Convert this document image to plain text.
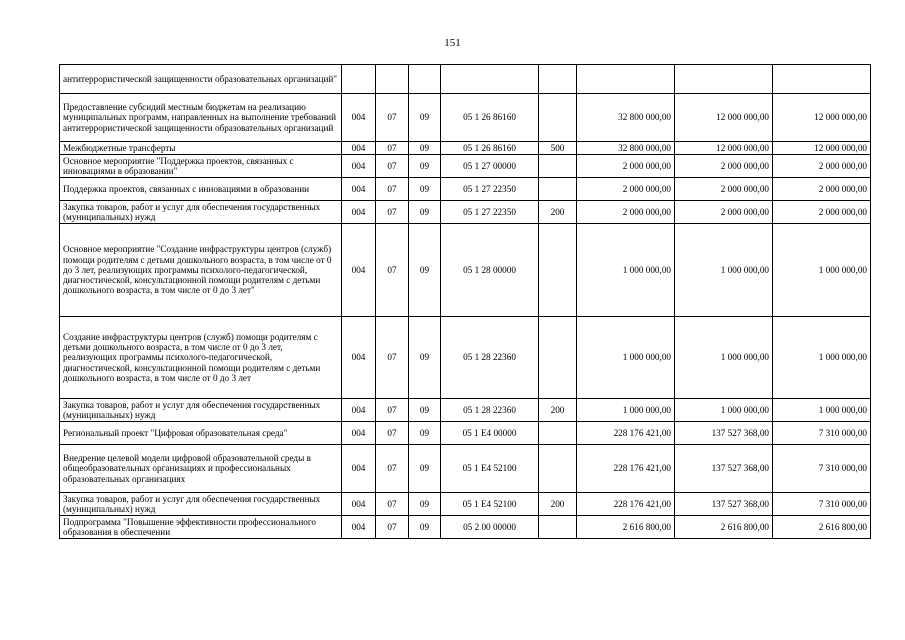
151
антитеррористической защищенности образовательных организаций"								
Предоставление субсидий местным бюджетам на реализацию муниципальных программ, направленных на выполнение требований антитеррористической защищенности образовательных организаций	004	07	09	05 1 26 86160		32 800 000,00	12 000 000,00	12 000 000,00
Межбюджетные трансферты	004	07	09	05 1 26 86160	500	32 800 000,00	12 000 000,00	12 000 000,00
Основное мероприятие "Поддержка проектов, связанных с инновациями в образовании"	004	07	09	05 1 27 00000		2 000 000,00	2 000 000,00	2 000 000,00
Поддержка проектов, связанных с инновациями в образовании	004	07	09	05 1 27 22350		2 000 000,00	2 000 000,00	2 000 000,00
Закупка товаров, работ и услуг для обеспечения государственных (муниципальных) нужд	004	07	09	05 1 27 22350	200	2 000 000,00	2 000 000,00	2 000 000,00
Основное мероприятие "Создание инфраструктуры центров (служб) помощи родителям с детьми дошкольного возраста, в том числе от 0 до 3 лет, реализующих программы психолого-педагогической, диагностической, консультационной помощи родителям с детьми дошкольного возраста, в том числе от 0 до 3 лет"	004	07	09	05 1 28 00000		1 000 000,00	1 000 000,00	1 000 000,00
Создание инфраструктуры центров (служб) помощи родителям с детьми дошкольного возраста, в том числе от 0 до 3 лет, реализующих программы психолого-педагогической, диагностической, консультационной помощи родителям с детьми дошкольного возраста, в том числе от 0 до 3 лет	004	07	09	05 1 28 22360		1 000 000,00	1 000 000,00	1 000 000,00
Закупка товаров, работ и услуг для обеспечения государственных (муниципальных) нужд	004	07	09	05 1 28 22360	200	1 000 000,00	1 000 000,00	1 000 000,00
Региональный проект "Цифровая образовательная среда"	004	07	09	05 1 E4 00000		228 176 421,00	137 527 368,00	7 310 000,00
Внедрение целевой модели цифровой образовательной среды в общеобразовательных организациях и профессиональных образовательных организациях	004	07	09	05 1 E4 52100		228 176 421,00	137 527 368,00	7 310 000,00
Закупка товаров, работ и услуг для обеспечения государственных (муниципальных) нужд	004	07	09	05 1 E4 52100	200	228 176 421,00	137 527 368,00	7 310 000,00
Подпрограмма "Повышение эффективности профессионального образования в обеспечении	004	07	09	05 2 00 00000		2 616 800,00	2 616 800,00	2 616 800,00
